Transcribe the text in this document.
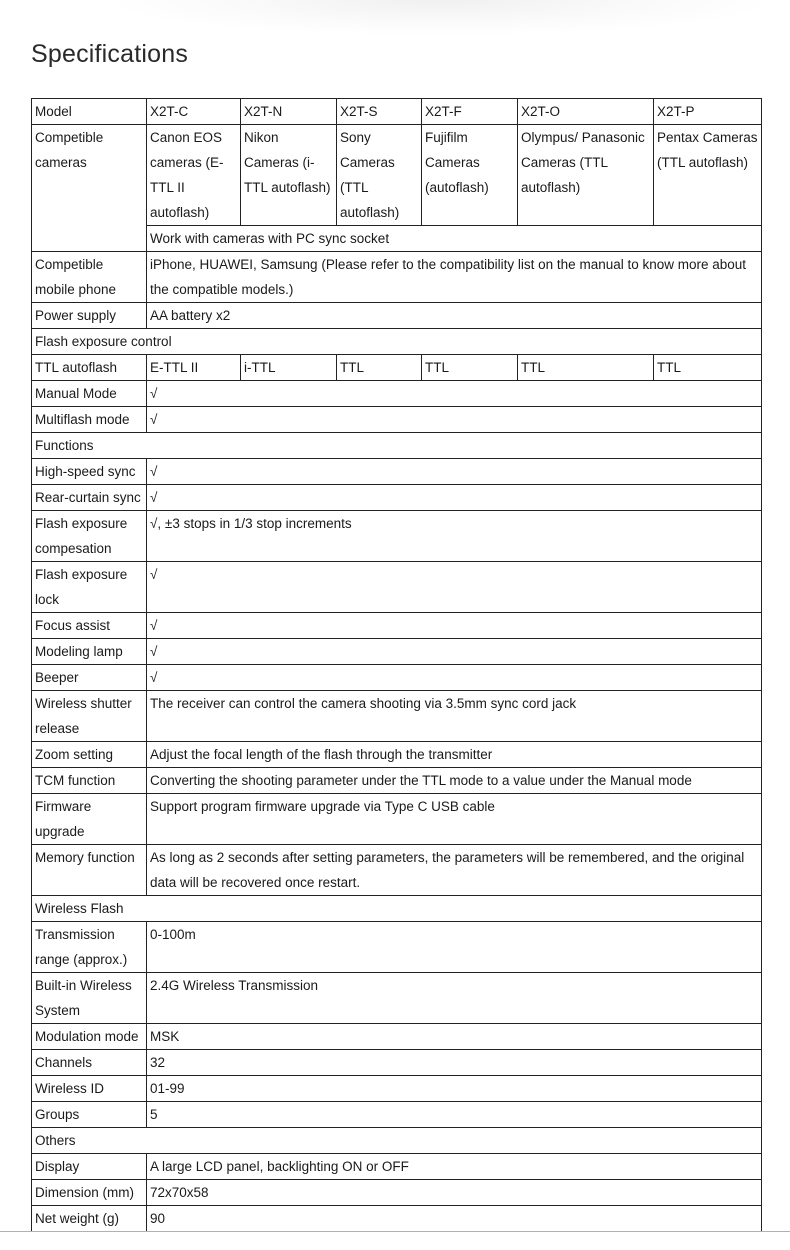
Specifications
Model	X2T-C	X2T-N	X2T-S	X2T-F	X2T-O	X2T-P
Competible cameras	Canon EOS cameras (E-TTL II autoflash)	Nikon Cameras (i-TTL autoflash)	Sony Cameras (TTL autoflash)	Fujifilm Cameras (autoflash)	Olympus/ Panasonic Cameras (TTL autoflash)	Pentax Cameras (TTL autoflash)
	Work with cameras with PC sync socket					
Competible mobile phone	iPhone, HUAWEI, Samsung (Please refer to the compatibility list on the manual to know more about the compatible models.)					
Power supply	AA battery x2					
Flash exposure control						
TTL autoflash	E-TTL II	i-TTL	TTL	TTL	TTL	TTL
Manual Mode	√					
Multiflash mode	√					
Functions						
High-speed sync	√					
Rear-curtain sync	√					
Flash exposure compesation	√, ±3 stops in 1/3 stop increments					
Flash exposure lock	√					
Focus assist	√					
Modeling lamp	√					
Beeper	√					
Wireless shutter release	The receiver can control the camera shooting via 3.5mm sync cord jack					
Zoom setting	Adjust the focal length of the flash through the transmitter					
TCM function	Converting the shooting parameter under the TTL mode to a value under the Manual mode					
Firmware upgrade	Support program firmware upgrade via Type C USB cable					
Memory function	As long as 2 seconds after setting parameters, the parameters will be remembered, and the original data will be recovered once restart.					
Wireless Flash						
Transmission range (approx.)	0-100m					
Built-in Wireless System	2.4G Wireless Transmission					
Modulation mode	MSK					
Channels	32					
Wireless ID	01-99					
Groups	5					
Others						
Display	A large LCD panel, backlighting ON or OFF					
Dimension (mm)	72x70x58					
Net weight (g)	90					
